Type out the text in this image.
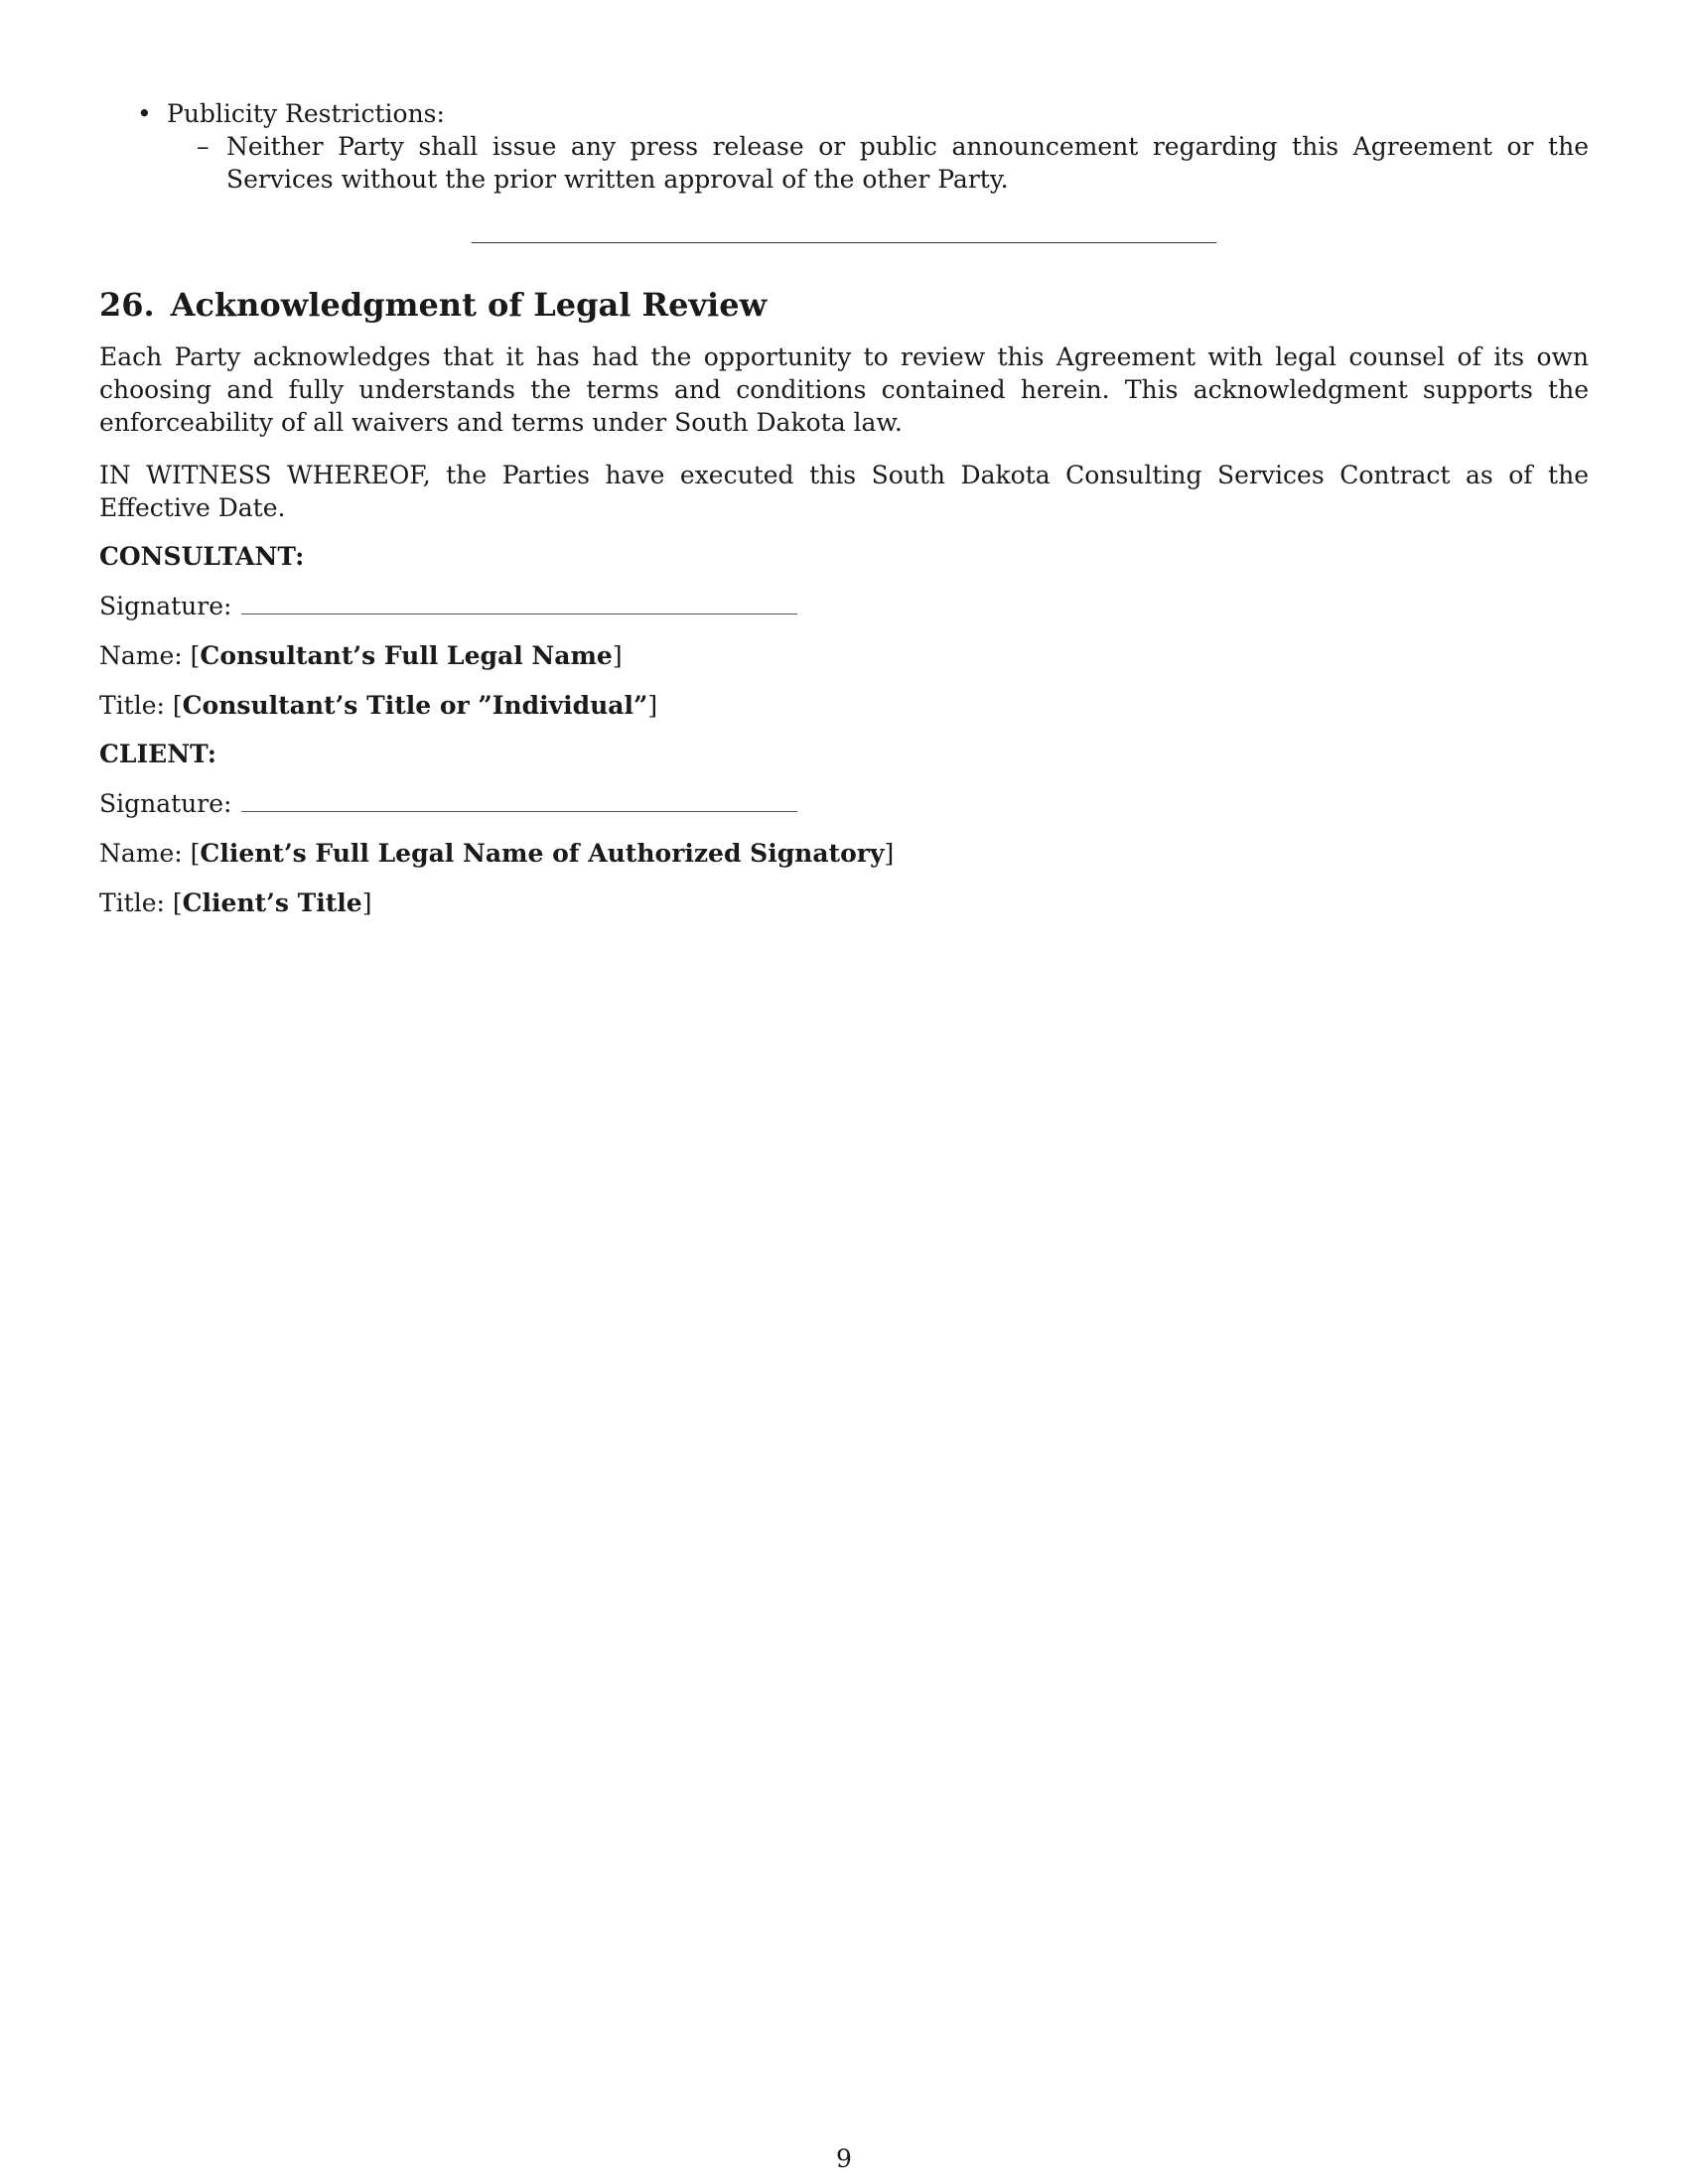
• Publicity Restrictions:

– Neither Party shall issue any press release or public announcement regarding this Agreement or the Services without the prior written approval of the other Party.

26. Acknowledgment of Legal Review

Each Party acknowledges that it has had the opportunity to review this Agreement with legal counsel of its own choosing and fully understands the terms and conditions contained herein. This acknowledgment supports the enforceability of all waivers and terms under South Dakota law.

IN WITNESS WHEREOF, the Parties have executed this South Dakota Consulting Services Contract as of the Effective Date.

CONSULTANT:

Signature:

Name: [Consultant’s Full Legal Name]

Title: [Consultant’s Title or ”Individual”]

CLIENT:

Signature:

Name: [Client’s Full Legal Name of Authorized Signatory]

Title: [Client’s Title]

9
